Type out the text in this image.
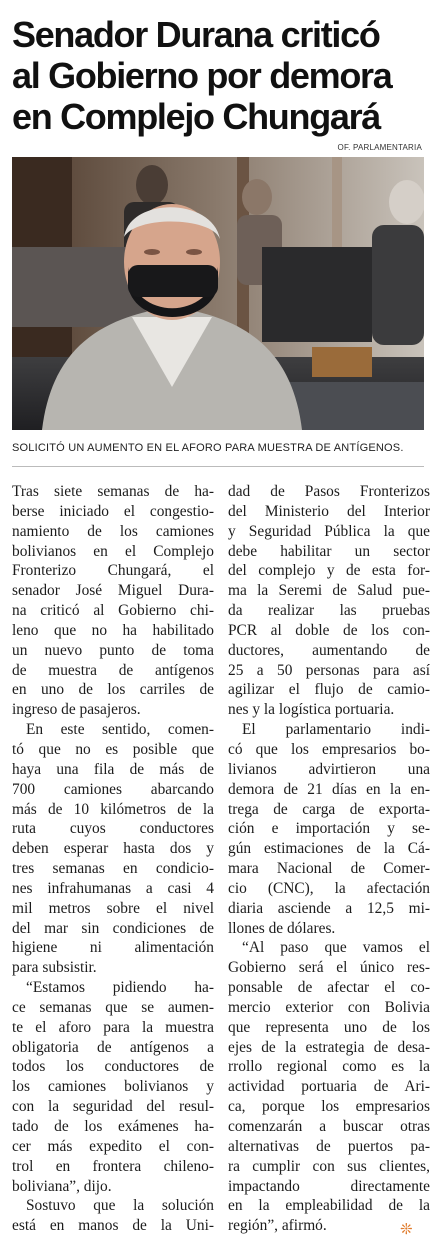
Senador Durana criticó
al Gobierno por demora
en Complejo Chungará
OF. PARLAMENTARIA
SOLICITÓ UN AUMENTO EN EL AFORO PARA MUESTRA DE ANTÍGENOS.
Tras siete semanas de ha-
berse iniciado el congestio-
namiento de los camiones
bolivianos en el Complejo
Fronterizo Chungará, el
senador José Miguel Dura-
na criticó al Gobierno chi-
leno que no ha habilitado
un nuevo punto de toma
de muestra de antígenos
en uno de los carriles de
ingreso de pasajeros.
En este sentido, comen-
tó que no es posible que
haya una fila de más de
700 camiones abarcando
más de 10 kilómetros de la
ruta cuyos conductores
deben esperar hasta dos y
tres semanas en condicio-
nes infrahumanas a casi 4
mil metros sobre el nivel
del mar sin condiciones de
higiene ni alimentación
para subsistir.
“Estamos pidiendo ha-
ce semanas que se aumen-
te el aforo para la muestra
obligatoria de antígenos a
todos los conductores de
los camiones bolivianos y
con la seguridad del resul-
tado de los exámenes ha-
cer más expedito el con-
trol en frontera chileno-
boliviana”, dijo.
Sostuvo que la solución
está en manos de la Uni-
dad de Pasos Fronterizos
del Ministerio del Interior
y Seguridad Pública la que
debe habilitar un sector
del complejo y de esta for-
ma la Seremi de Salud pue-
da realizar las pruebas
PCR al doble de los con-
ductores, aumentando de
25 a 50 personas para así
agilizar el flujo de camio-
nes y la logística portuaria.
El parlamentario indi-
có que los empresarios bo-
livianos advirtieron una
demora de 21 días en la en-
trega de carga de exporta-
ción e importación y se-
gún estimaciones de la Cá-
mara Nacional de Comer-
cio (CNC), la afectación
diaria asciende a 12,5 mi-
llones de dólares.
“Al paso que vamos el
Gobierno será el único res-
ponsable de afectar el co-
mercio exterior con Bolivia
que representa uno de los
ejes de la estrategia de desa-
rrollo regional como es la
actividad portuaria de Ari-
ca, porque los empresarios
comenzarán a buscar otras
alternativas de puertos pa-
ra cumplir con sus clientes,
impactando directamente
en la empleabilidad de la
región”, afirmó.	❊
